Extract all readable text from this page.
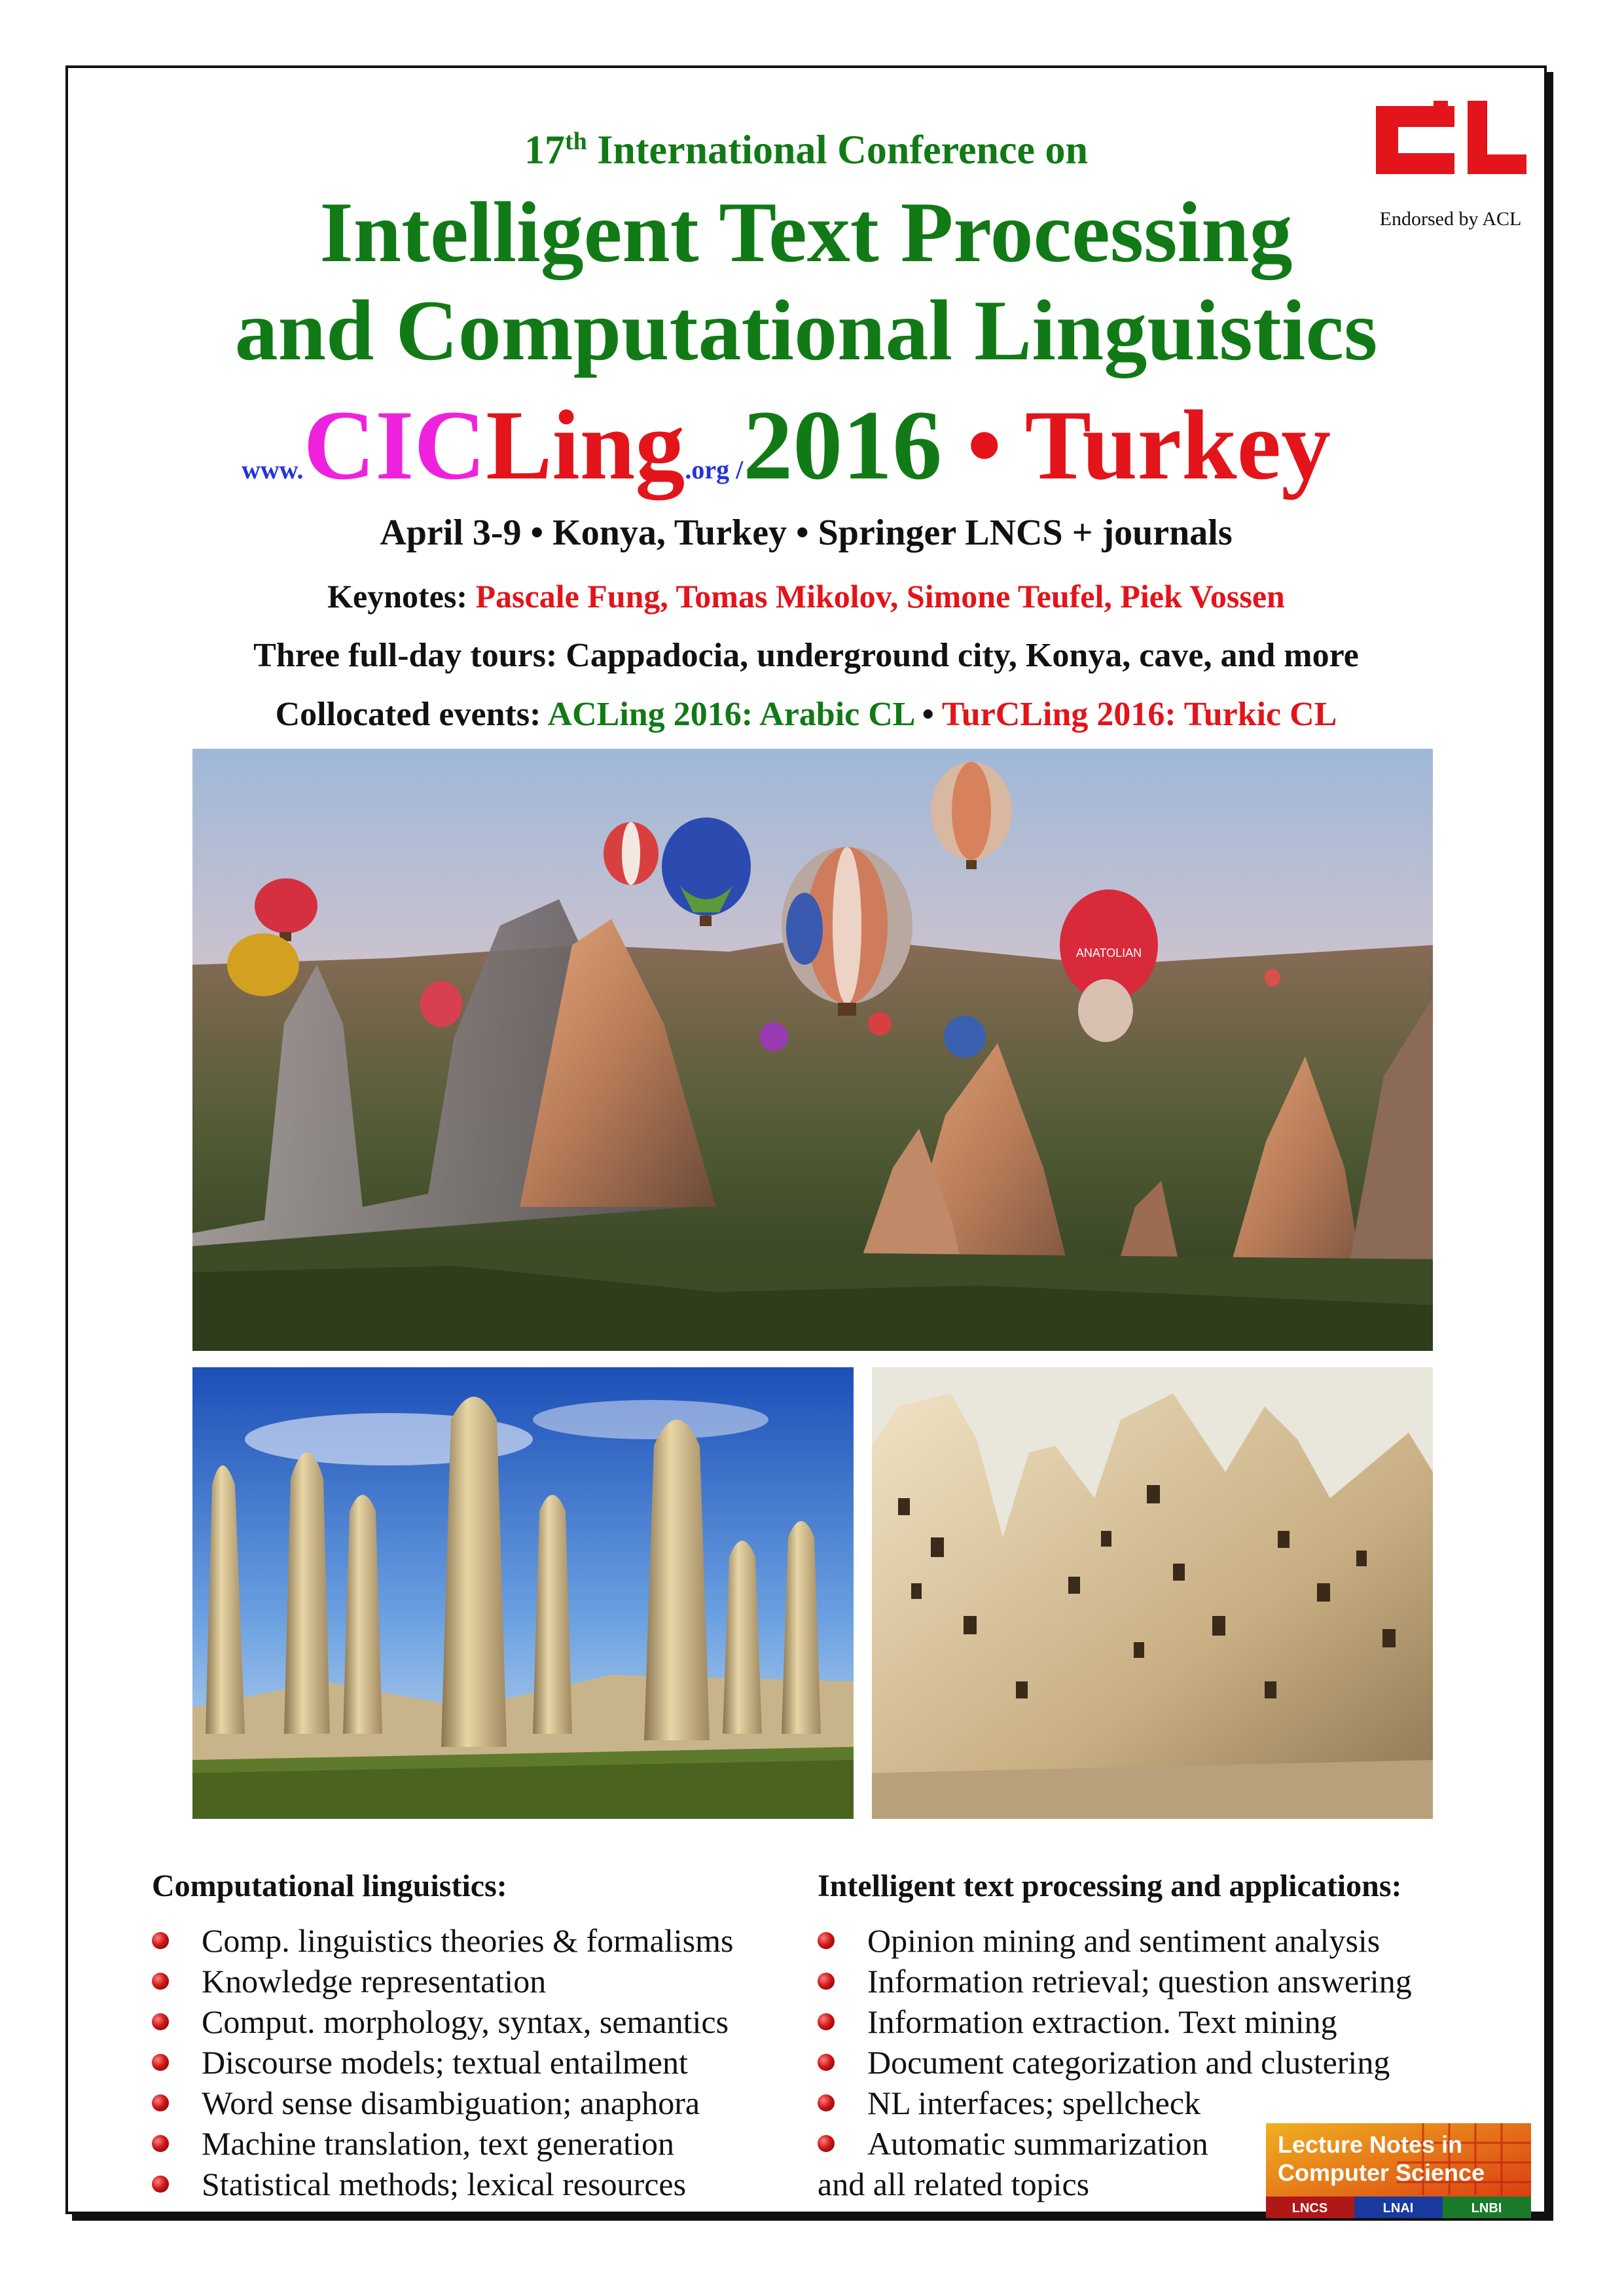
17th International Conference on
Intelligent Text Processing
and Computational Linguistics
www.CICLing.org /2016 • Turkey
April 3-9 • Konya, Turkey • Springer LNCS + journals
Keynotes: Pascale Fung, Tomas Mikolov, Simone Teufel, Piek Vossen
Three full-day tours: Cappadocia, underground city, Konya, cave, and more
Collocated events: ACLing 2016: Arabic CL • TurCLing 2016: Turkic CL
Endorsed by ACL
ANATOLIAN
Computational linguistics:	Intelligent text processing and applications:
Comp. linguistics theories & formalisms
Knowledge representation
Comput. morphology, syntax, semantics
Discourse models; textual entailment
Word sense disambiguation; anaphora
Machine translation, text generation
Statistical methods; lexical resources
Opinion mining and sentiment analysis
Information retrieval; question answering
Information extraction. Text mining
Document categorization and clustering
NL interfaces; spellcheck
Automatic summarization
and all related topics
Lecture Notes in
Computer Science
LNCS	LNAI	LNBI
